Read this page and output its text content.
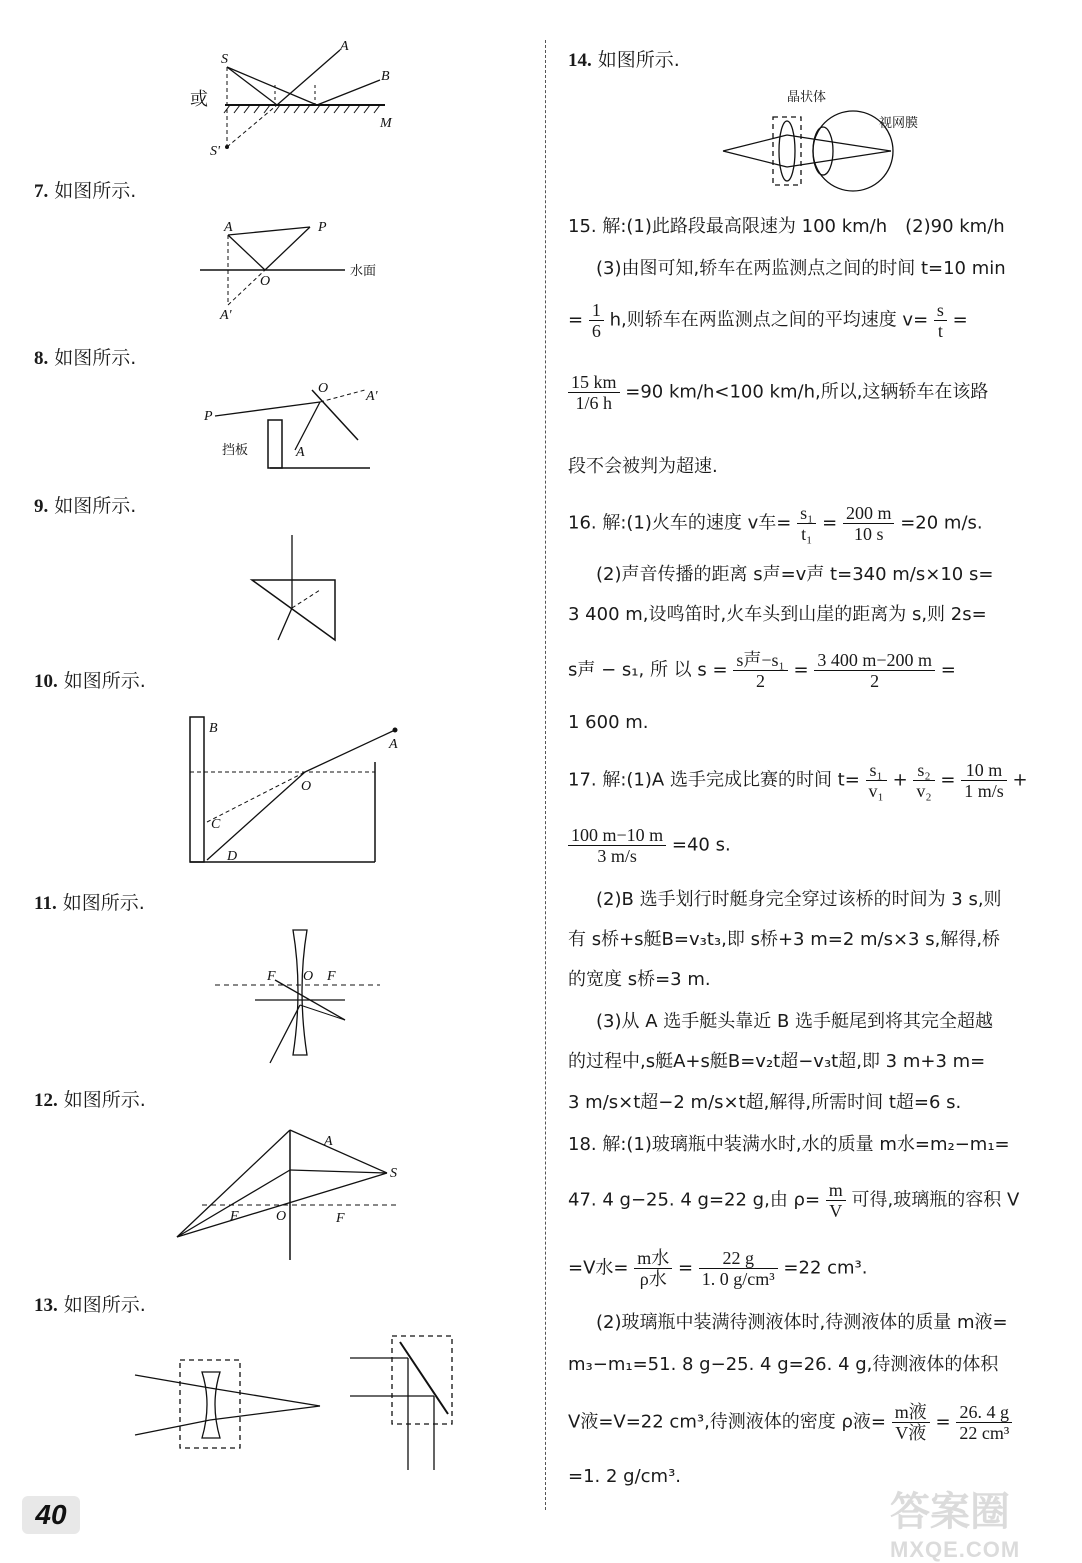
或
S
A
B
M
S'
7. 如图所示.
A	P
O
A'
水面
8. 如图所示.
P
O
A'
A
挡板
9. 如图所示.
10. 如图所示.
B
A
O
C
D
11. 如图所示.
F O F
12. 如图所示.
A
S
F	O	F
13. 如图所示.
40
14. 如图所示.
晶状体
视网膜
15. 解:(1)此路段最高限速为 100 km/h　(2)90 km/h
(3)由图可知,轿车在两监测点之间的时间 t=10 min
= $\frac{1}{6} h$,则轿车在两监测点之间的平均速度 $v= \frac{s}{t}$ =
$\frac{15 km}{1/6 h} =90$ km/h<100 km/h,所以,这辆轿车在该路
段不会被判为超速.
16. 解:(1)火车的速度 v车= $\frac{\text{s₁}}{\text{t₁}} = \frac{200 m}{10 s} =20$ m/s.
(2)声音传播的距离 s声=v声 t=340 m/s×10 s=
3 400 m,设鸣笛时,火车头到山崖的距离为 s,则 2s=
s声 − s₁, 所 以 $s = \frac{\text{s声−s₁}}{2} = \frac{3 400 m-200 m}{2}$ =
1 600 m.
17. 解:(1)A 选手完成比赛的时间 $t= \frac{\text{s₁}}{\text{v₁}} + \frac{\text{s₂}}{\text{v₂}} = \frac{10 m}{1 m/s}$ +
$\frac{100 m-10 m}{3 m/s} =40$ s.
(2)B 选手划行时艇身完全穿过该桥的时间为 3 s,则
有 s桥+s艇B=v₃t₃,即 s桥+3 m=2 m/s×3 s,解得,桥
的宽度 s桥=3 m.
(3)从 A 选手艇头靠近 B 选手艇尾到将其完全超越
的过程中,s艇A+s艇B=v₂t超−v₃t超,即 3 m+3 m=
3 m/s×t超−2 m/s×t超,解得,所需时间 t超=6 s.
18. 解:(1)玻璃瓶中装满水时,水的质量 m水=m₂−m₁=
47. 4 g−25. 4 g=22 g,由 $\rho= \frac{m}{V}$ 可得,玻璃瓶的容积 V
=V水= $\frac{\text{m水}}{\text{ρ水}} = \frac{22 g}{\text{1. 0 g/cm³}} =22$ cm³.
(2)玻璃瓶中装满待测液体时,待测液体的质量 m液=
m₃−m₁=51. 8 g−25. 4 g=26. 4 g,待测液体的体积
V液=V=22 cm³,待测液体的密度 ρ液= $\frac{\text{m液}}{\text{V液}} = \frac{26. 4 g}{\text{22 cm³}}$
=1. 2 g/cm³.
答案圈
MXQE.COM
